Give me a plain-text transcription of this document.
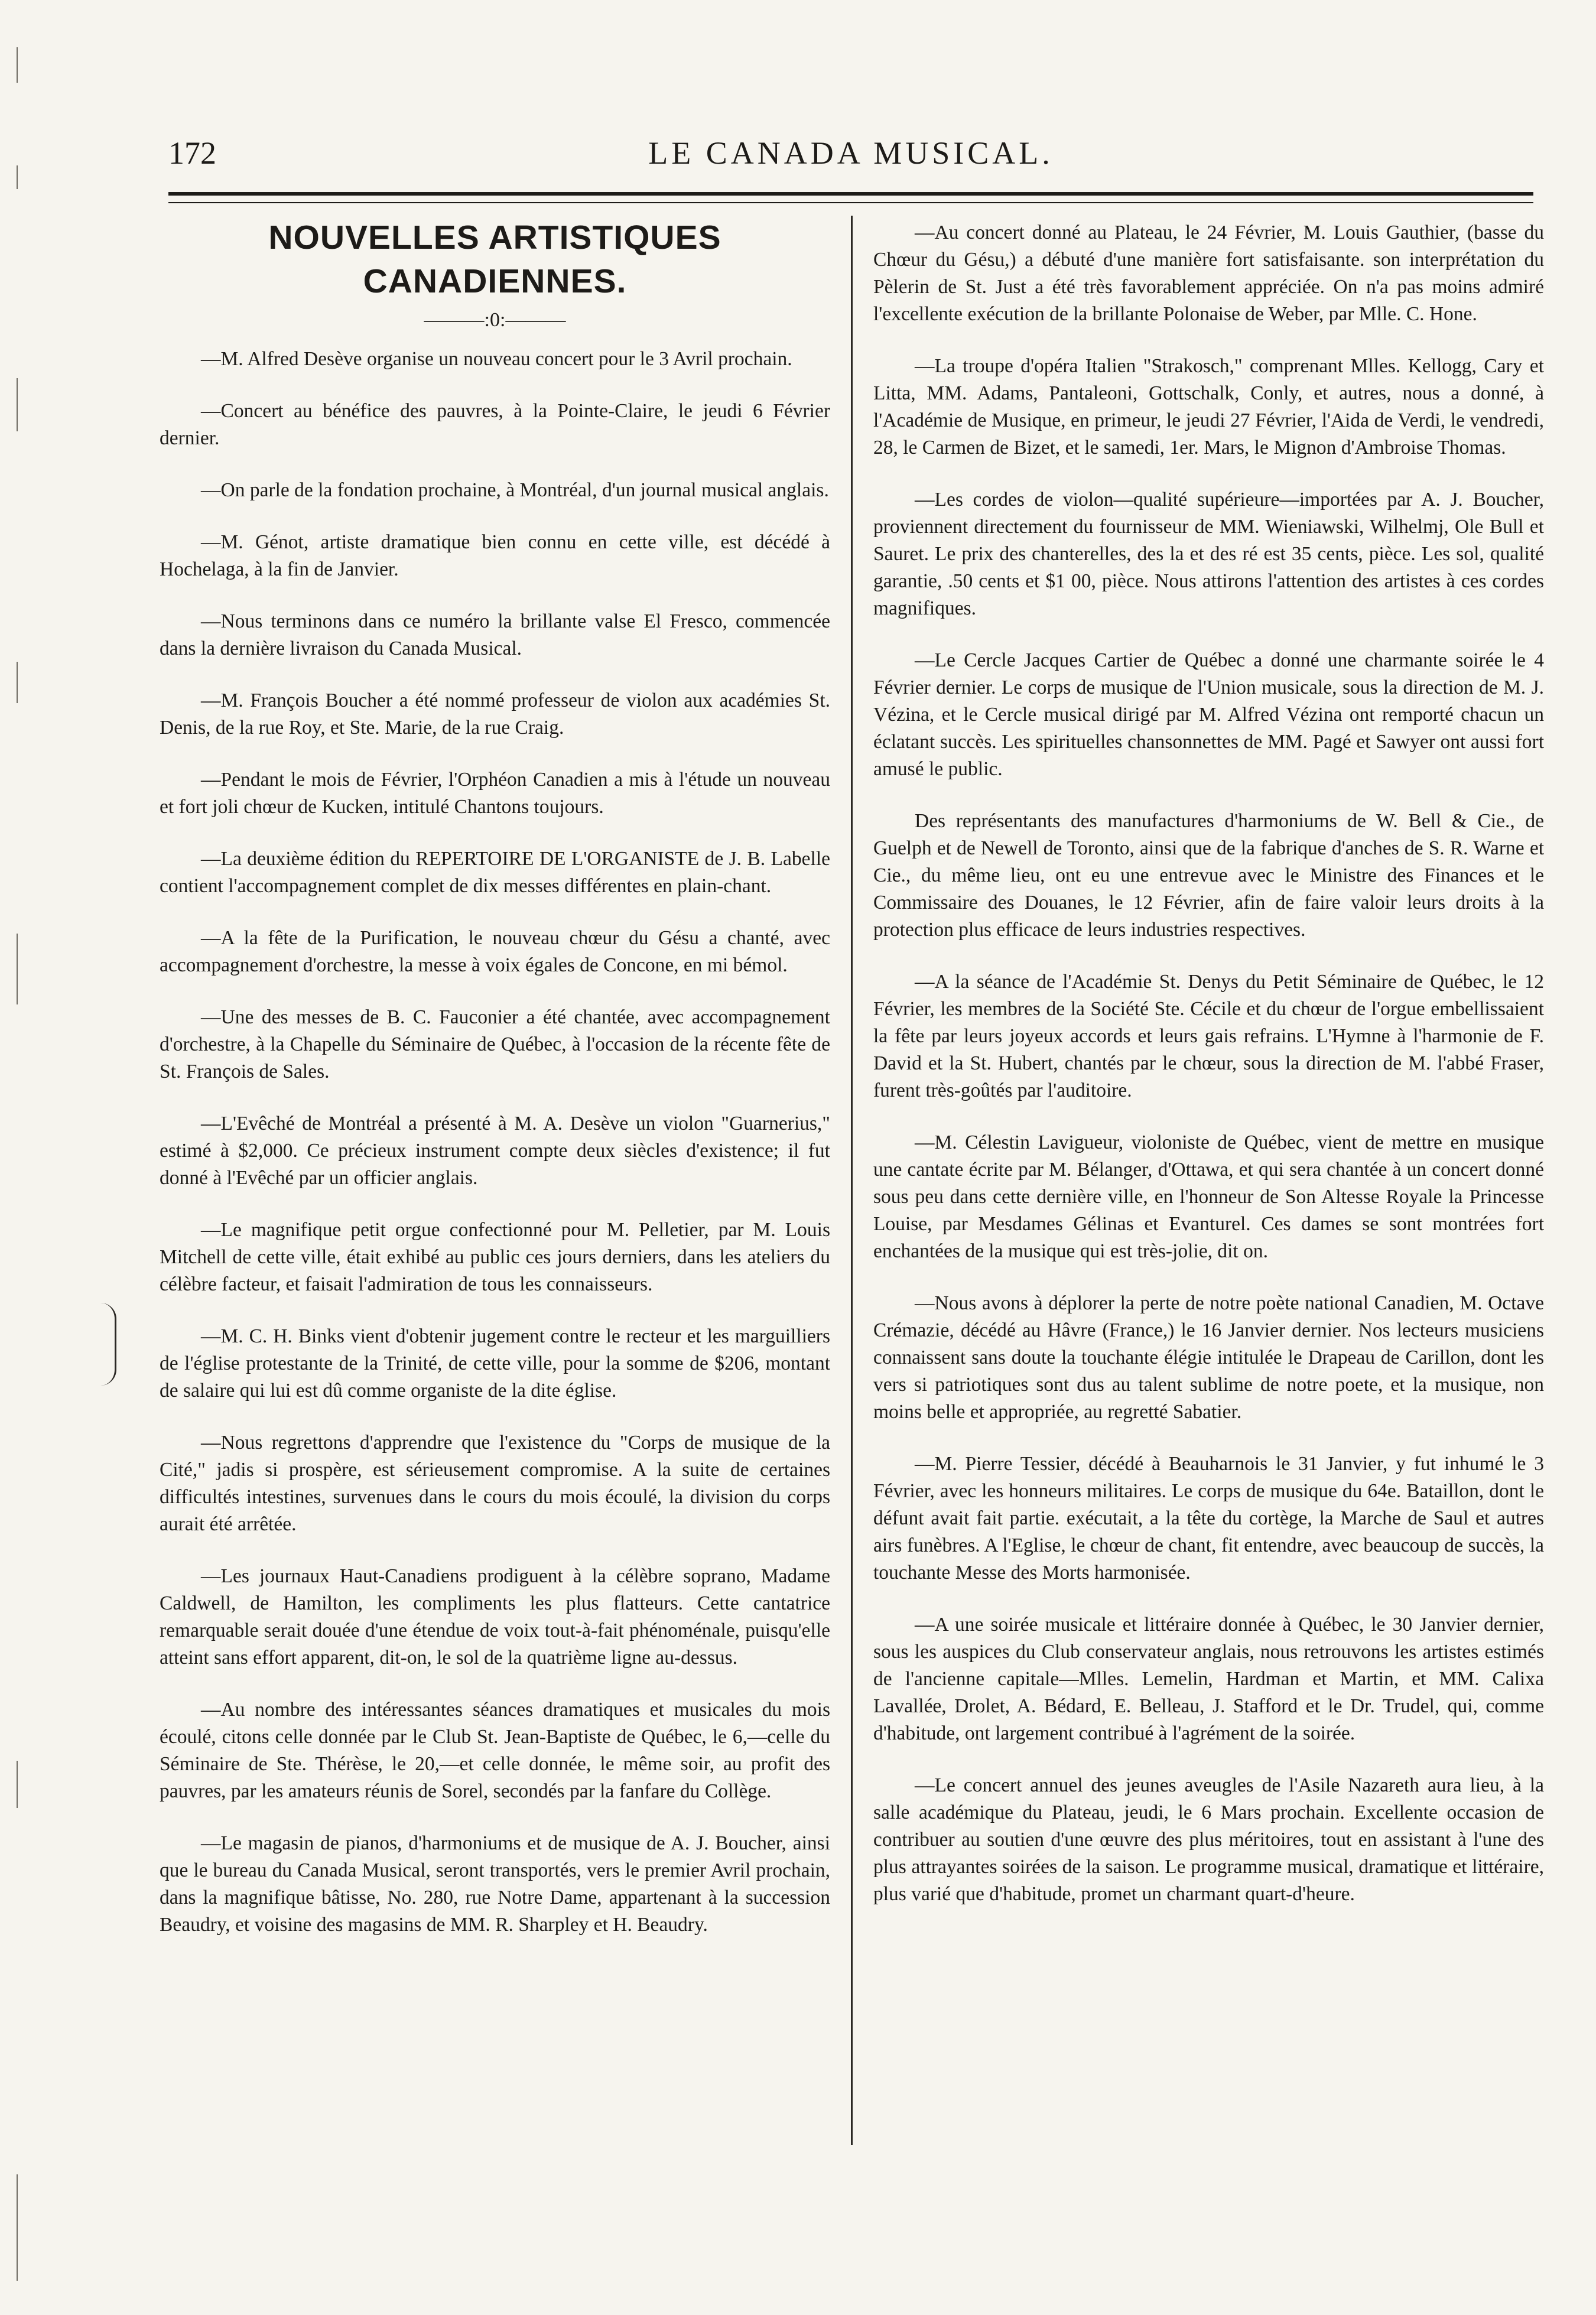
172	LE CANADA MUSICAL.
NOUVELLES ARTISTIQUES CANADIENNES.
———:0:———

—M. Alfred Desève organise un nouveau concert pour le 3 Avril prochain.

—Concert au bénéfice des pauvres, à la Pointe-Claire, le jeudi 6 Février dernier.

—On parle de la fondation prochaine, à Montréal, d'un journal musical anglais.

—M. Génot, artiste dramatique bien connu en cette ville, est décédé à Hochelaga, à la fin de Janvier.

—Nous terminons dans ce numéro la brillante valse El Fresco, commencée dans la dernière livraison du Canada Musical.

—M. François Boucher a été nommé professeur de violon aux académies St. Denis, de la rue Roy, et Ste. Marie, de la rue Craig.

—Pendant le mois de Février, l'Orphéon Canadien a mis à l'étude un nouveau et fort joli chœur de Kucken, intitulé Chantons toujours.

—La deuxième édition du REPERTOIRE DE L'ORGANISTE de J. B. Labelle contient l'accompagnement complet de dix messes différentes en plain-chant.

—A la fête de la Purification, le nouveau chœur du Gésu a chanté, avec accompagnement d'orchestre, la messe à voix égales de Concone, en mi bémol.

—Une des messes de B. C. Fauconier a été chantée, avec accompagnement d'orchestre, à la Chapelle du Séminaire de Québec, à l'occasion de la récente fête de St. François de Sales.

—L'Evêché de Montréal a présenté à M. A. Desève un violon "Guarnerius," estimé à $2,000. Ce précieux instrument compte deux siècles d'existence; il fut donné à l'Evêché par un officier anglais.

—Le magnifique petit orgue confectionné pour M. Pelletier, par M. Louis Mitchell de cette ville, était exhibé au public ces jours derniers, dans les ateliers du célèbre facteur, et faisait l'admiration de tous les connaisseurs.

—M. C. H. Binks vient d'obtenir jugement contre le recteur et les marguilliers de l'église protestante de la Trinité, de cette ville, pour la somme de $206, montant de salaire qui lui est dû comme organiste de la dite église.

—Nous regrettons d'apprendre que l'existence du "Corps de musique de la Cité," jadis si prospère, est sérieusement compromise. A la suite de certaines difficultés intestines, survenues dans le cours du mois écoulé, la division du corps aurait été arrêtée.

—Les journaux Haut-Canadiens prodiguent à la célèbre soprano, Madame Caldwell, de Hamilton, les compliments les plus flatteurs. Cette cantatrice remarquable serait douée d'une étendue de voix tout-à-fait phénoménale, puisqu'elle atteint sans effort apparent, dit-on, le sol de la quatrième ligne au-dessus.

—Au nombre des intéressantes séances dramatiques et musicales du mois écoulé, citons celle donnée par le Club St. Jean-Baptiste de Québec, le 6,—celle du Séminaire de Ste. Thérèse, le 20,—et celle donnée, le même soir, au profit des pauvres, par les amateurs réunis de Sorel, secondés par la fanfare du Collège.

—Le magasin de pianos, d'harmoniums et de musique de A. J. Boucher, ainsi que le bureau du Canada Musical, seront transportés, vers le premier Avril prochain, dans la magnifique bâtisse, No. 280, rue Notre Dame, appartenant à la succession Beaudry, et voisine des magasins de MM. R. Sharpley et H. Beaudry.

—Au concert donné au Plateau, le 24 Février, M. Louis Gauthier, (basse du Chœur du Gésu,) a débuté d'une manière fort satisfaisante. son interprétation du Pèlerin de St. Just a été très favorablement appréciée. On n'a pas moins admiré l'excellente exécution de la brillante Polonaise de Weber, par Mlle. C. Hone.

—La troupe d'opéra Italien "Strakosch," comprenant Mlles. Kellogg, Cary et Litta, MM. Adams, Pantaleoni, Gottschalk, Conly, et autres, nous a donné, à l'Académie de Musique, en primeur, le jeudi 27 Février, l'Aida de Verdi, le vendredi, 28, le Carmen de Bizet, et le samedi, 1er. Mars, le Mignon d'Ambroise Thomas.

—Les cordes de violon—qualité supérieure—importées par A. J. Boucher, proviennent directement du fournisseur de MM. Wieniawski, Wilhelmj, Ole Bull et Sauret. Le prix des chanterelles, des la et des ré est 35 cents, pièce. Les sol, qualité garantie, .50 cents et $1 00, pièce. Nous attirons l'attention des artistes à ces cordes magnifiques.

—Le Cercle Jacques Cartier de Québec a donné une charmante soirée le 4 Février dernier. Le corps de musique de l'Union musicale, sous la direction de M. J. Vézina, et le Cercle musical dirigé par M. Alfred Vézina ont remporté chacun un éclatant succès. Les spirituelles chansonnettes de MM. Pagé et Sawyer ont aussi fort amusé le public.

Des représentants des manufactures d'harmoniums de W. Bell & Cie., de Guelph et de Newell de Toronto, ainsi que de la fabrique d'anches de S. R. Warne et Cie., du même lieu, ont eu une entrevue avec le Ministre des Finances et le Commissaire des Douanes, le 12 Février, afin de faire valoir leurs droits à la protection plus efficace de leurs industries respectives.

—A la séance de l'Académie St. Denys du Petit Séminaire de Québec, le 12 Février, les membres de la Société Ste. Cécile et du chœur de l'orgue embellissaient la fête par leurs joyeux accords et leurs gais refrains. L'Hymne à l'harmonie de F. David et la St. Hubert, chantés par le chœur, sous la direction de M. l'abbé Fraser, furent très-goûtés par l'auditoire.

—M. Célestin Lavigueur, violoniste de Québec, vient de mettre en musique une cantate écrite par M. Bélanger, d'Ottawa, et qui sera chantée à un concert donné sous peu dans cette dernière ville, en l'honneur de Son Altesse Royale la Princesse Louise, par Mesdames Gélinas et Evanturel. Ces dames se sont montrées fort enchantées de la musique qui est très-jolie, dit on.

—Nous avons à déplorer la perte de notre poète national Canadien, M. Octave Crémazie, décédé au Hâvre (France,) le 16 Janvier dernier. Nos lecteurs musiciens connaissent sans doute la touchante élégie intitulée le Drapeau de Carillon, dont les vers si patriotiques sont dus au talent sublime de notre poete, et la musique, non moins belle et appropriée, au regretté Sabatier.

—M. Pierre Tessier, décédé à Beauharnois le 31 Janvier, y fut inhumé le 3 Février, avec les honneurs militaires. Le corps de musique du 64e. Bataillon, dont le défunt avait fait partie. exécutait, a la tête du cortège, la Marche de Saul et autres airs funèbres. A l'Eglise, le chœur de chant, fit entendre, avec beaucoup de succès, la touchante Messe des Morts harmonisée.

—A une soirée musicale et littéraire donnée à Québec, le 30 Janvier dernier, sous les auspices du Club conservateur anglais, nous retrouvons les artistes estimés de l'ancienne capitale—Mlles. Lemelin, Hardman et Martin, et MM. Calixa Lavallée, Drolet, A. Bédard, E. Belleau, J. Stafford et le Dr. Trudel, qui, comme d'habitude, ont largement contribué à l'agrément de la soirée.

—Le concert annuel des jeunes aveugles de l'Asile Nazareth aura lieu, à la salle académique du Plateau, jeudi, le 6 Mars prochain. Excellente occasion de contribuer au soutien d'une œuvre des plus méritoires, tout en assistant à l'une des plus attrayantes soirées de la saison. Le programme musical, dramatique et littéraire, plus varié que d'habitude, promet un charmant quart-d'heure.
